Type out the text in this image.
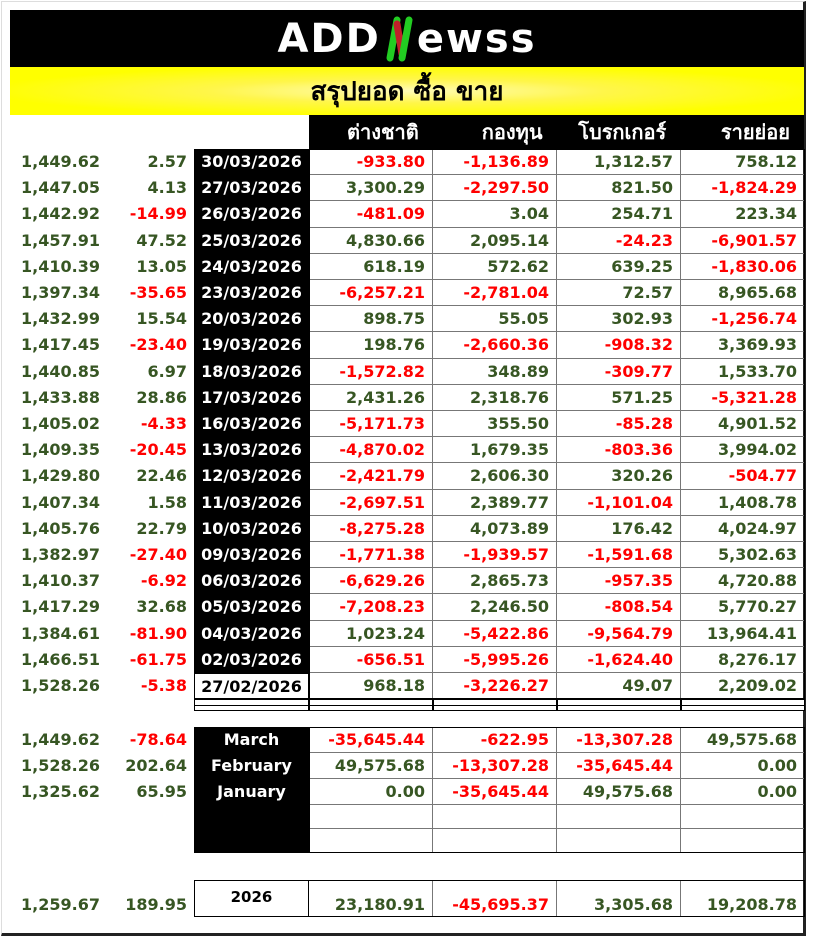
ADD ewss
สรุปยอด ซื้อ ขาย
ต่างชาติ	กองทุน	โบรกเกอร์	รายย่อย
1,449.62	2.57 30/03/2026	-933.80	-1,136.89	1,312.57	758.12
1,447.05	4.13 27/03/2026	3,300.29	-2,297.50	821.50	-1,824.29
1,442.92	-14.99 26/03/2026	-481.09	3.04	254.71	223.34
1,457.91	47.52 25/03/2026	4,830.66	2,095.14	-24.23	-6,901.57
1,410.39	13.05 24/03/2026	618.19	572.62	639.25	-1,830.06
1,397.34	-35.65 23/03/2026	-6,257.21	-2,781.04	72.57	8,965.68
1,432.99	15.54 20/03/2026	898.75	55.05	302.93	-1,256.74
1,417.45	-23.40 19/03/2026	198.76	-2,660.36	-908.32	3,369.93
1,440.85	6.97 18/03/2026	-1,572.82	348.89	-309.77	1,533.70
1,433.88	28.86 17/03/2026	2,431.26	2,318.76	571.25	-5,321.28
1,405.02	-4.33 16/03/2026	-5,171.73	355.50	-85.28	4,901.52
1,409.35	-20.45 13/03/2026	-4,870.02	1,679.35	-803.36	3,994.02
1,429.80	22.46 12/03/2026	-2,421.79	2,606.30	320.26	-504.77
1,407.34	1.58 11/03/2026	-2,697.51	2,389.77	-1,101.04	1,408.78
1,405.76	22.79 10/03/2026	-8,275.28	4,073.89	176.42	4,024.97
1,382.97	-27.40 09/03/2026	-1,771.38	-1,939.57	-1,591.68	5,302.63
1,410.37	-6.92 06/03/2026	-6,629.26	2,865.73	-957.35	4,720.88
1,417.29	32.68 05/03/2026	-7,208.23	2,246.50	-808.54	5,770.27
1,384.61	-81.90 04/03/2026	1,023.24	-5,422.86	-9,564.79	13,964.41
1,466.51	-61.75 02/03/2026	-656.51	-5,995.26	-1,624.40	8,276.17
1,528.26	-5.38 27/02/2026	968.18	-3,226.27	49.07	2,209.02
1,449.62	-78.64	March	-35,645.44	-622.95	-13,307.28	49,575.68
1,528.26	202.64	February	49,575.68	-13,307.28	-35,645.44	0.00
1,325.62	65.95	January	0.00	-35,645.44	49,575.68	0.00
1,259.67	189.95	2026	23,180.91	-45,695.37	3,305.68	19,208.78
